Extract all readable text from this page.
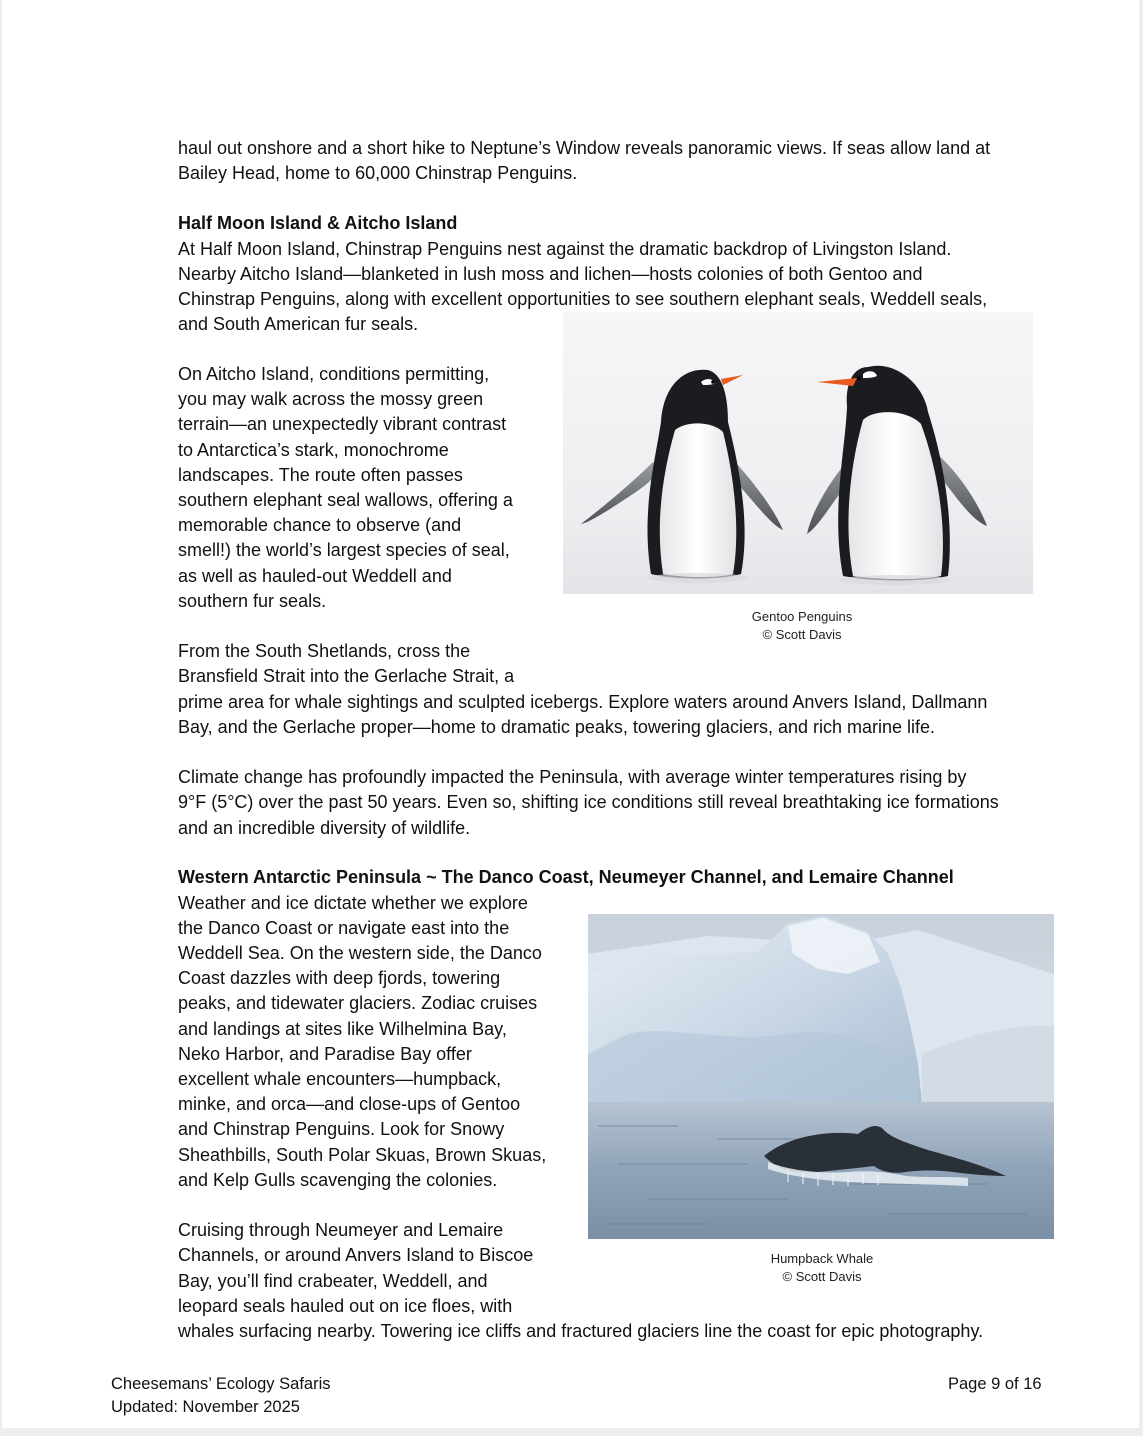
haul out onshore and a short hike to Neptune’s Window reveals panoramic views. If seas allow land at

Bailey Head, home to 60,000 Chinstrap Penguins.

Half Moon Island & Aitcho Island

At Half Moon Island, Chinstrap Penguins nest against the dramatic backdrop of Livingston Island.

Nearby Aitcho Island—blanketed in lush moss and lichen—hosts colonies of both Gentoo and

Chinstrap Penguins, along with excellent opportunities to see southern elephant seals, Weddell seals,

and South American fur seals.

On Aitcho Island, conditions permitting,

you may walk across the mossy green

terrain—an unexpectedly vibrant contrast

to Antarctica’s stark, monochrome

landscapes. The route often passes

southern elephant seal wallows, offering a

memorable chance to observe (and

smell!) the world’s largest species of seal,

as well as hauled-out Weddell and

southern fur seals.

Gentoo Penguins
© Scott Davis

From the South Shetlands, cross the

Bransfield Strait into the Gerlache Strait, a

prime area for whale sightings and sculpted icebergs. Explore waters around Anvers Island, Dallmann

Bay, and the Gerlache proper—home to dramatic peaks, towering glaciers, and rich marine life.

Climate change has profoundly impacted the Peninsula, with average winter temperatures rising by

9°F (5°C) over the past 50 years. Even so, shifting ice conditions still reveal breathtaking ice formations

and an incredible diversity of wildlife.

Western Antarctic Peninsula ~ The Danco Coast, Neumeyer Channel, and Lemaire Channel

Weather and ice dictate whether we explore

the Danco Coast or navigate east into the

Weddell Sea. On the western side, the Danco

Coast dazzles with deep fjords, towering

peaks, and tidewater glaciers. Zodiac cruises

and landings at sites like Wilhelmina Bay,

Neko Harbor, and Paradise Bay offer

excellent whale encounters—humpback,

minke, and orca—and close-ups of Gentoo

and Chinstrap Penguins. Look for Snowy

Sheathbills, South Polar Skuas, Brown Skuas,

and Kelp Gulls scavenging the colonies.

Humpback Whale
© Scott Davis

Cruising through Neumeyer and Lemaire

Channels, or around Anvers Island to Biscoe

Bay, you’ll find crabeater, Weddell, and

leopard seals hauled out on ice floes, with

whales surfacing nearby. Towering ice cliffs and fractured glaciers line the coast for epic photography.

Cheesemans’ Ecology Safaris
Updated: November 2025
Page 9 of 16
